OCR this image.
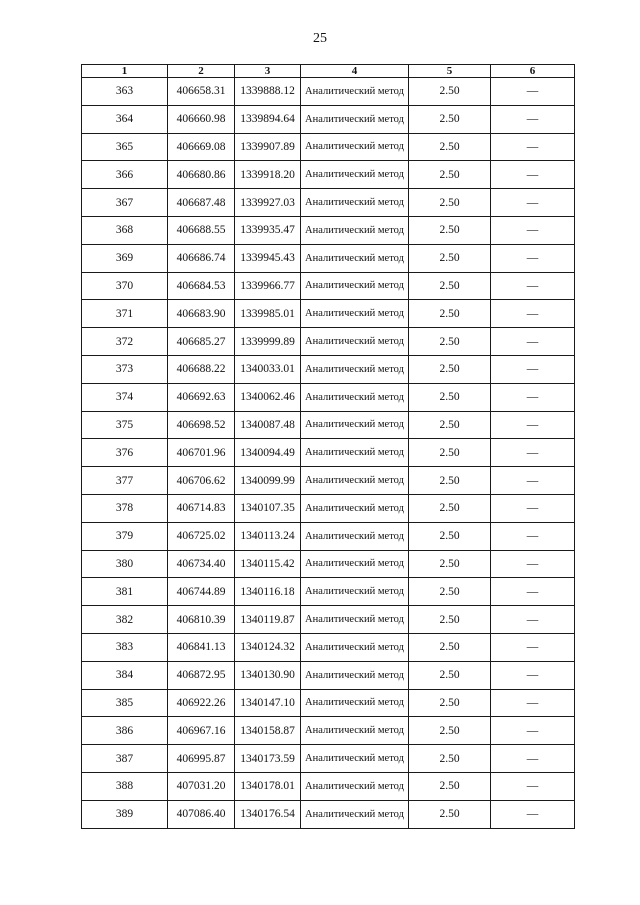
25
1	2	3	4	5	6
363	406658.31	1339888.12	Аналитический метод	2.50	—
364	406660.98	1339894.64	Аналитический метод	2.50	—
365	406669.08	1339907.89	Аналитический метод	2.50	—
366	406680.86	1339918.20	Аналитический метод	2.50	—
367	406687.48	1339927.03	Аналитический метод	2.50	—
368	406688.55	1339935.47	Аналитический метод	2.50	—
369	406686.74	1339945.43	Аналитический метод	2.50	—
370	406684.53	1339966.77	Аналитический метод	2.50	—
371	406683.90	1339985.01	Аналитический метод	2.50	—
372	406685.27	1339999.89	Аналитический метод	2.50	—
373	406688.22	1340033.01	Аналитический метод	2.50	—
374	406692.63	1340062.46	Аналитический метод	2.50	—
375	406698.52	1340087.48	Аналитический метод	2.50	—
376	406701.96	1340094.49	Аналитический метод	2.50	—
377	406706.62	1340099.99	Аналитический метод	2.50	—
378	406714.83	1340107.35	Аналитический метод	2.50	—
379	406725.02	1340113.24	Аналитический метод	2.50	—
380	406734.40	1340115.42	Аналитический метод	2.50	—
381	406744.89	1340116.18	Аналитический метод	2.50	—
382	406810.39	1340119.87	Аналитический метод	2.50	—
383	406841.13	1340124.32	Аналитический метод	2.50	—
384	406872.95	1340130.90	Аналитический метод	2.50	—
385	406922.26	1340147.10	Аналитический метод	2.50	—
386	406967.16	1340158.87	Аналитический метод	2.50	—
387	406995.87	1340173.59	Аналитический метод	2.50	—
388	407031.20	1340178.01	Аналитический метод	2.50	—
389	407086.40	1340176.54	Аналитический метод	2.50	—
